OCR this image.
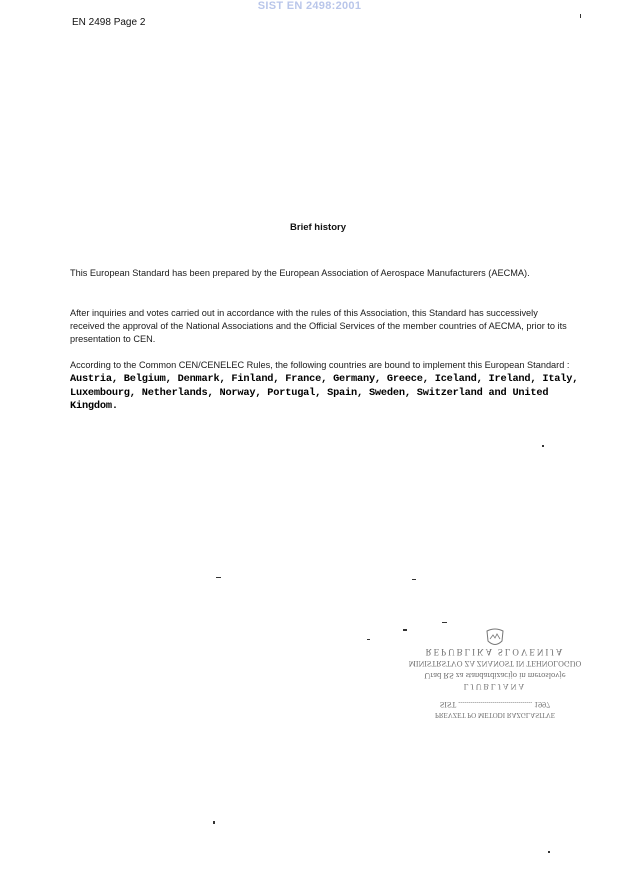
SIST EN 2498:2001
EN 2498 Page 2
Brief history
This European Standard has been prepared by the European Association of Aerospace Manufacturers (AECMA).
After inquiries and votes carried out in accordance with the rules of this Association, this Standard has successively received the approval of the National Associations and the Official Services of the member countries of AECMA, prior to its presentation to CEN.
According to the Common CEN/CENELEC Rules, the following countries are bound to implement this European Standard : Austria, Belgium, Denmark, Finland, France, Germany, Greece, Iceland, Ireland, Italy, Luxembourg, Netherlands, Norway, Portugal, Spain, Sweden, Switzerland and United Kingdom.
REPUBLIKA SLOVENIJA
MINISTRSTVO ZA ZNANOST IN TEHNOLOGIJO
Urad RS za standardizacijo in meroslovje
LJUBLJANA
SIST ..................................... 1997
PREVZET PO METODI RAZGLASITVE
